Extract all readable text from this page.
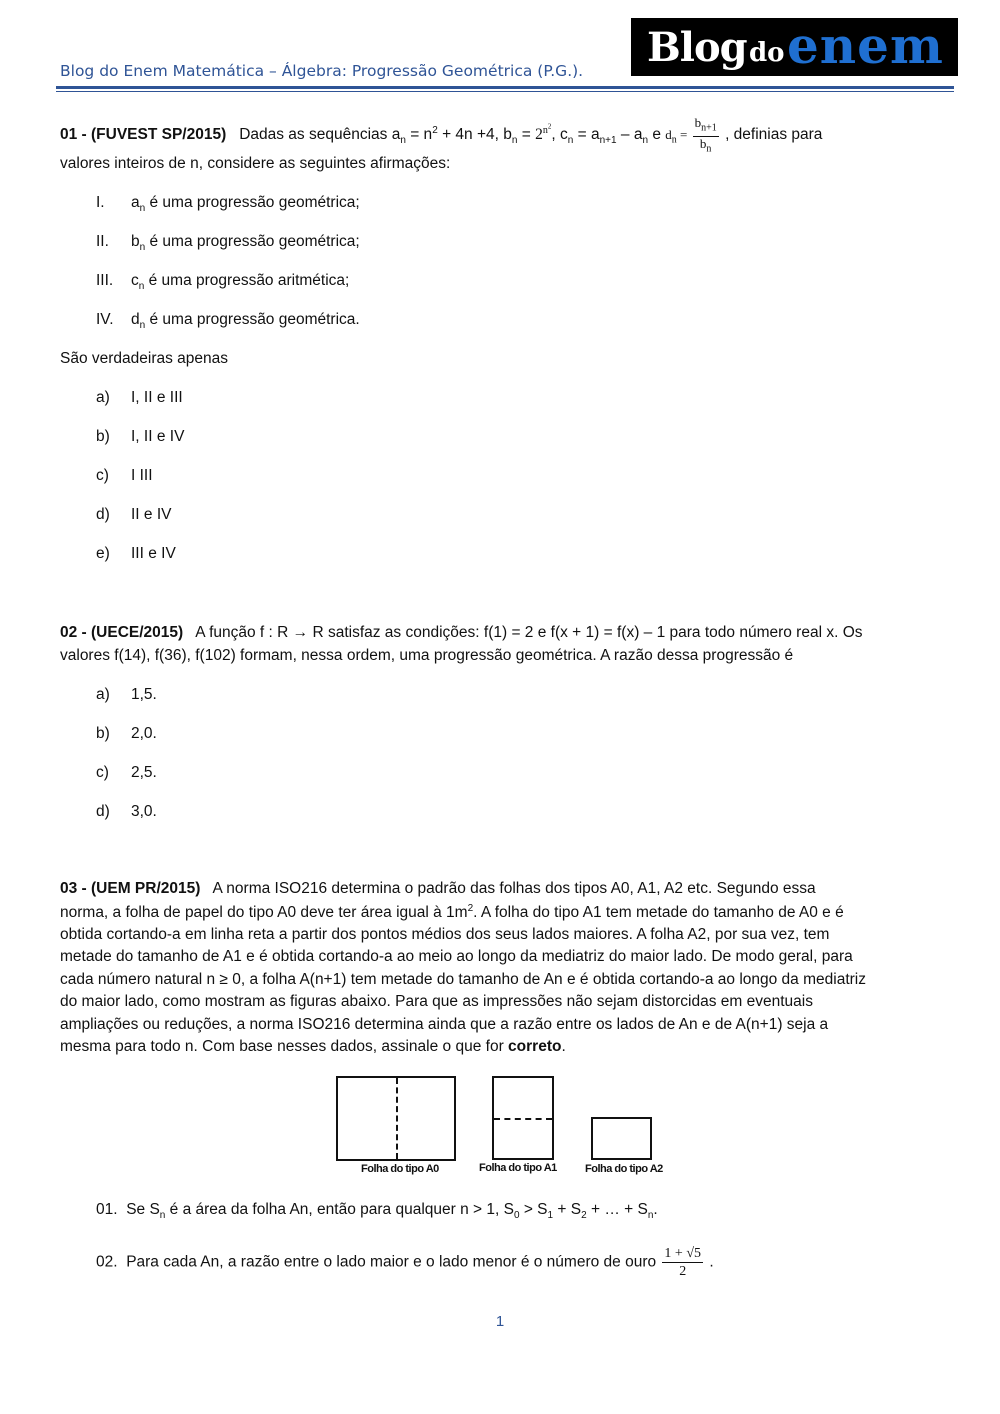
Blog do Enem Matemática – Álgebra: Progressão Geométrica (P.G.). Blog do enem
01 - (FUVEST SP/2015) Dadas as sequências $a_n = n^2 + 4n +4$, $b_n = 2^{n^2}$, $c_n = a_{n+1} - a_n$ e $d_n = \frac{b_{n+1}}{b_n}$ , definias para
valores inteiros de n, considere as seguintes afirmações:
I. $a_n$ é uma progressão geométrica;
II. $b_n$ é uma progressão geométrica;
III. $c_n$ é uma progressão aritmética;
IV. $d_n$ é uma progressão geométrica.
São verdadeiras apenas
a) I, II e III
b) I, II e IV
c) I III
d) II e IV
e) III e IV
02 - (UECE/2015) A função f : R → R satisfaz as condições: f(1) = 2 e f(x + 1) = f(x) – 1 para todo número real x. Os
valores f(14), f(36), f(102) formam, nessa ordem, uma progressão geométrica. A razão dessa progressão é
a) 1,5.
b) 2,0.
c) 2,5.
d) 3,0.
03 - (UEM PR/2015) A norma ISO216 determina o padrão das folhas dos tipos A0, A1, A2 etc. Segundo essa
norma, a folha de papel do tipo A0 deve ter área igual à $1m^2$. A folha do tipo A1 tem metade do tamanho de A0 e é
obtida cortando-a em linha reta a partir dos pontos médios dos seus lados maiores. A folha A2, por sua vez, tem
metade do tamanho de A1 e é obtida cortando-a ao meio ao longo da mediatriz do maior lado. De modo geral, para
cada número natural n ≥ 0, a folha A(n+1) tem metade do tamanho de An e é obtida cortando-a ao longo da mediatriz
do maior lado, como mostram as figuras abaixo. Para que as impressões não sejam distorcidas em eventuais
ampliações ou reduções, a norma ISO216 determina ainda que a razão entre os lados de An e de A(n+1) seja a
mesma para todo n. Com base nesses dados, assinale o que for correto.
Folha do tipo A0	Folha do tipo A1	Folha do tipo A2
01. Se $S_n$ é a área da folha An, então para qualquer n > 1, $S_0 > S_1 + S_2$ + … + $S_n$.
02. Para cada An, a razão entre o lado maior e o lado menor é o número de ouro $\frac{1 + √5}{2}$ .
1
